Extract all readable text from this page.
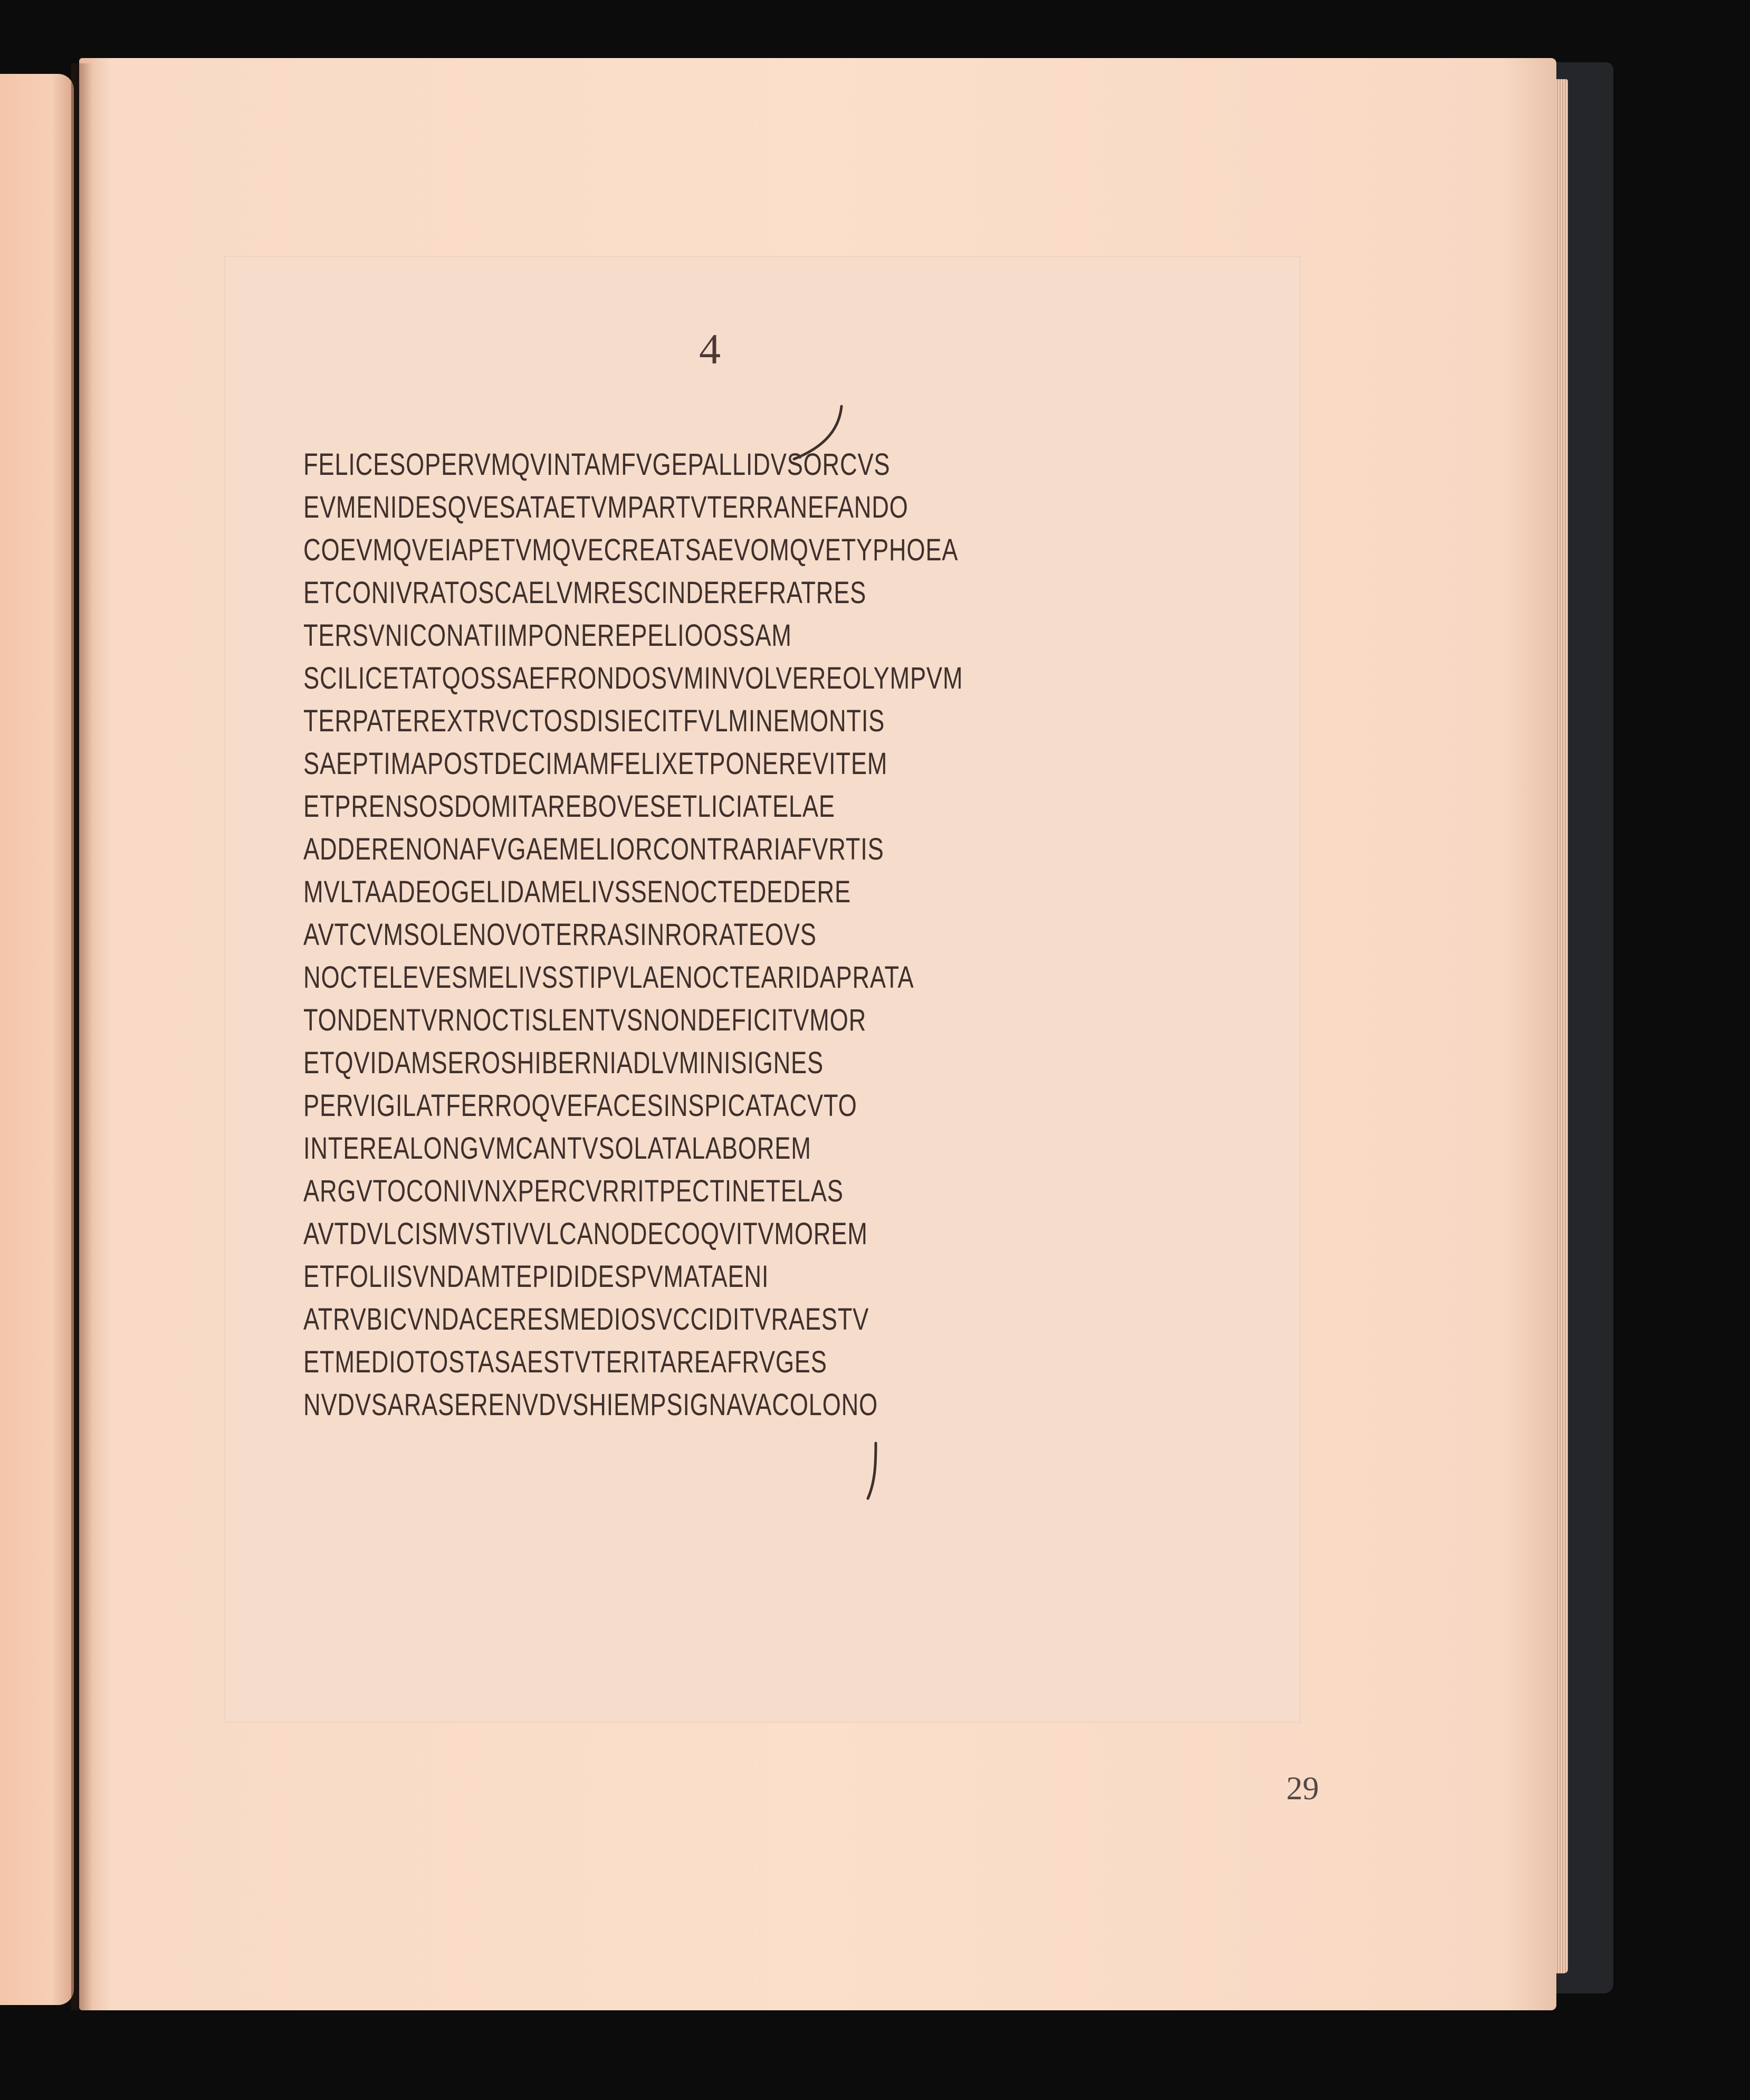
4
FELICESOPERVMQVINTAMFVGEPALLIDVSORCVS
EVMENIDESQVESATAETVMPARTVTERRANEFANDO
COEVMQVEIAPETVMQVECREATSAEVOMQVETYPHOEA
ETCONIVRATOSCAELVMRESCINDEREFRATRES
TERSVNICONATIIMPONEREPELIOOSSAM
SCILICETATQOSSAEFRONDOSVMINVOLVEREOLYMPVM
TERPATEREXTRVCTOSDISIECITFVLMINEMONTIS
SAEPTIMAPOSTDECIMAMFELIXETPONEREVITEM
ETPRENSOSDOMITAREBOVESETLICIATELAE
ADDERENONAFVGAEMELIORCONTRARIAFVRTIS
MVLTAADEOGELIDAMELIVSSENOCTEDEDERE
AVTCVMSOLENOVOTERRASINRORATEOVS
NOCTELEVESMELIVSSTIPVLAENOCTEARIDAPRATA
TONDENTVRNOCTISLENTVSNONDEFICITVMOR
ETQVIDAMSEROSHIBERNIADLVMINISIGNES
PERVIGILATFERROQVEFACESINSPICATACVTO
INTEREALONGVMCANTVSOLATALABOREM
ARGVTOCONIVNXPERCVRRITPECTINETELAS
AVTDVLCISMVSTIVVLCANODECOQVITVMOREM
ETFOLIISVNDAMTEPIDIDESPVMATAENI
ATRVBICVNDACERESMEDIOSVCCIDITVRAESTV
ETMEDIOTOSTASAESTVTERITAREAFRVGES
NVDVSARASERENVDVSHIEMPSIGNAVACOLONO
29
